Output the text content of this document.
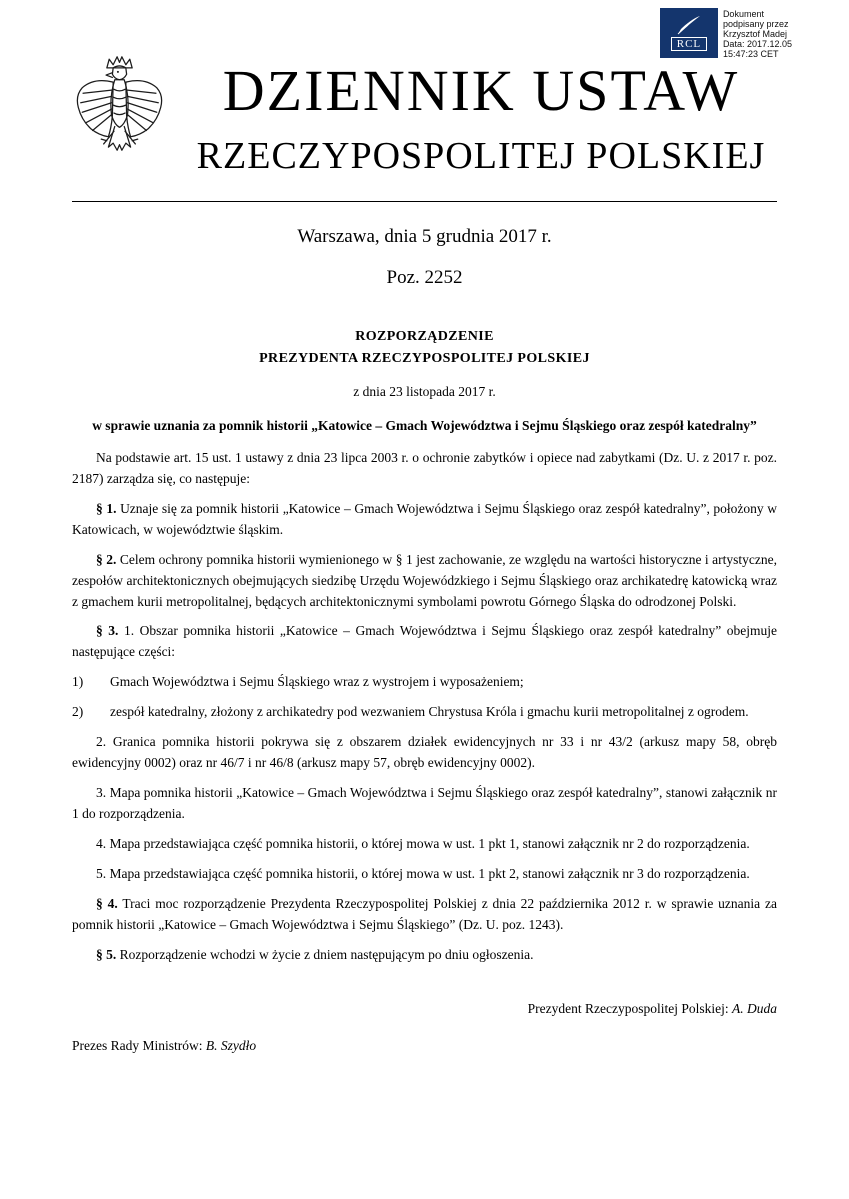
RCL
Dokument
podpisany przez
Krzysztof Madej
Data: 2017.12.05
15:47:23 CET
DZIENNIK USTAW
RZECZYPOSPOLITEJ POLSKIEJ
Warszawa, dnia 5 grudnia 2017 r.
Poz. 2252
ROZPORZĄDZENIE
PREZYDENTA RZECZYPOSPOLITEJ POLSKIEJ
z dnia 23 listopada 2017 r.
w sprawie uznania za pomnik historii „Katowice – Gmach Województwa i Sejmu Śląskiego oraz zespół katedralny”

Na podstawie art. 15 ust. 1 ustawy z dnia 23 lipca 2003 r. o ochronie zabytków i opiece nad zabytkami (Dz. U. z 2017 r. poz. 2187) zarządza się, co następuje:

§ 1. Uznaje się za pomnik historii „Katowice – Gmach Województwa i Sejmu Śląskiego oraz zespół katedralny”, położony w Katowicach, w województwie śląskim.

§ 2. Celem ochrony pomnika historii wymienionego w § 1 jest zachowanie, ze względu na wartości historyczne i artystyczne, zespołów architektonicznych obejmujących siedzibę Urzędu Wojewódzkiego i Sejmu Śląskiego oraz archikatedrę katowicką wraz z gmachem kurii metropolitalnej, będących architektonicznymi symbolami powrotu Górnego Śląska do odrodzonej Polski.

§ 3. 1. Obszar pomnika historii „Katowice – Gmach Województwa i Sejmu Śląskiego oraz zespół katedralny” obejmuje następujące części:

1)	Gmach Województwa i Sejmu Śląskiego wraz z wystrojem i wyposażeniem;
2)	zespół katedralny, złożony z archikatedry pod wezwaniem Chrystusa Króla i gmachu kurii metropolitalnej z ogrodem.

2. Granica pomnika historii pokrywa się z obszarem działek ewidencyjnych nr 33 i nr 43/2 (arkusz mapy 58, obręb ewidencyjny 0002) oraz nr 46/7 i nr 46/8 (arkusz mapy 57, obręb ewidencyjny 0002).

3. Mapa pomnika historii „Katowice – Gmach Województwa i Sejmu Śląskiego oraz zespół katedralny”, stanowi załącznik nr 1 do rozporządzenia.

4. Mapa przedstawiająca część pomnika historii, o której mowa w ust. 1 pkt 1, stanowi załącznik nr 2 do rozporządzenia.

5. Mapa przedstawiająca część pomnika historii, o której mowa w ust. 1 pkt 2, stanowi załącznik nr 3 do rozporządzenia.

§ 4. Traci moc rozporządzenie Prezydenta Rzeczypospolitej Polskiej z dnia 22 października 2012 r. w sprawie uznania za pomnik historii „Katowice – Gmach Województwa i Sejmu Śląskiego” (Dz. U. poz. 1243).

§ 5. Rozporządzenie wchodzi w życie z dniem następującym po dniu ogłoszenia.

Prezydent Rzeczypospolitej Polskiej: A. Duda

Prezes Rady Ministrów: B. Szydło
